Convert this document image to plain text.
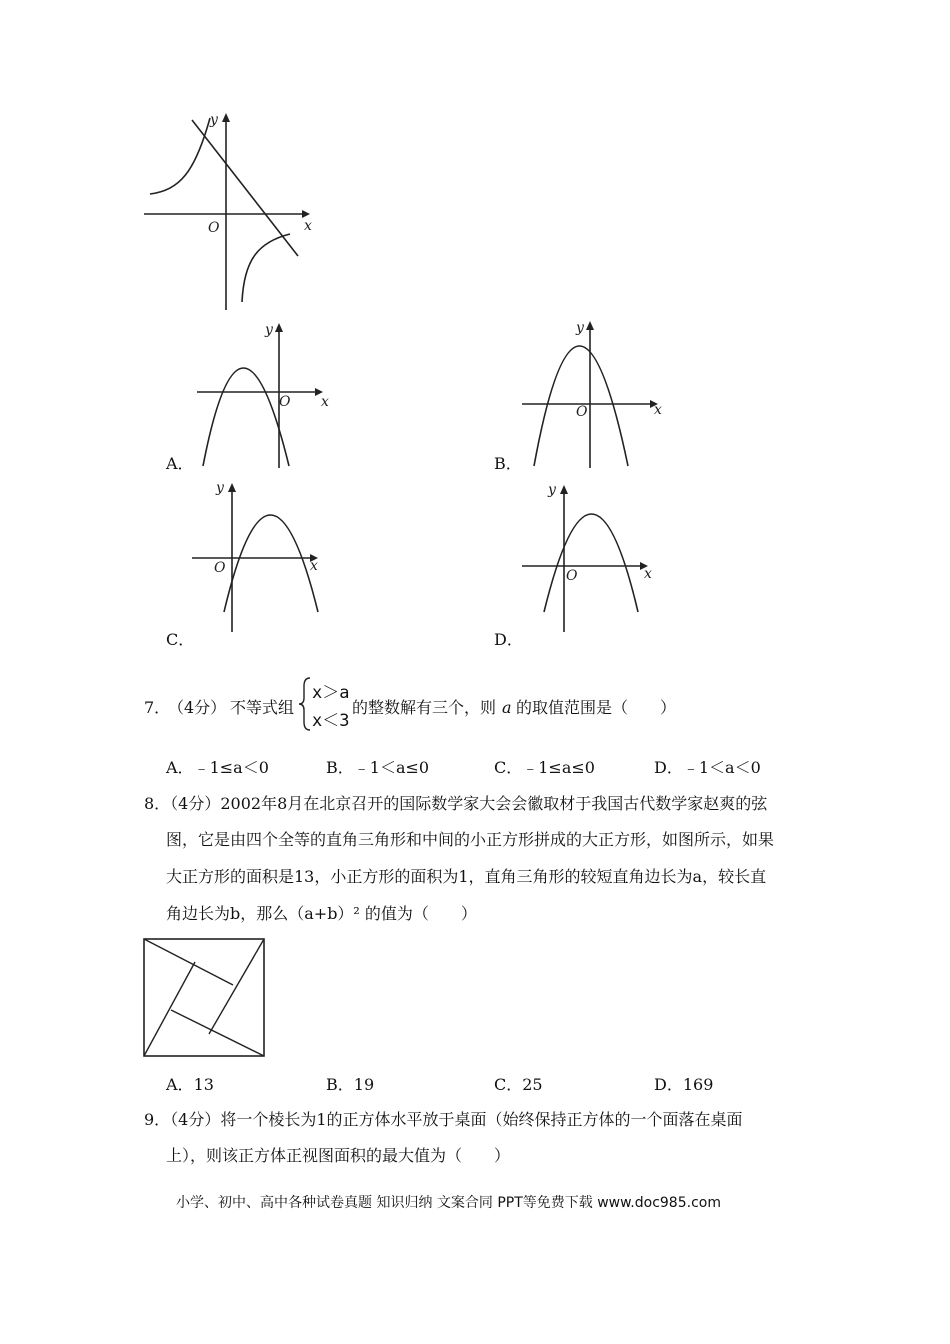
x
y
O
x
y
O
A．
x
y
O
B．
x
y
O
C．
x
y
O
D．
7．
（4分） 不等式组
x＞a
x＜3
的整数解有三个，则 a 的取值范围是（　　）
A．﹣1≤a＜0	B．﹣1＜a≤0	C．﹣1≤a≤0	D．﹣1＜a＜0
8．（4分）2002年8月在北京召开的国际数学家大会会徽取材于我国古代数学家赵爽的弦
图，它是由四个全等的直角三角形和中间的小正方形拼成的大正方形，如图所示，如果
大正方形的面积是13，小正方形的面积为1，直角三角形的较短直角边长为a，较长直
角边长为b，那么（a+b）² 的值为（　　）
A．13	B．19	C．25	D．169
9．（4分）将一个棱长为1的正方体水平放于桌面（始终保持正方体的一个面落在桌面
上），则该正方体正视图面积的最大值为（　　）
小学、初中、高中各种试卷真题 知识归纳 文案合同 PPT等免费下载 www.doc985.com
